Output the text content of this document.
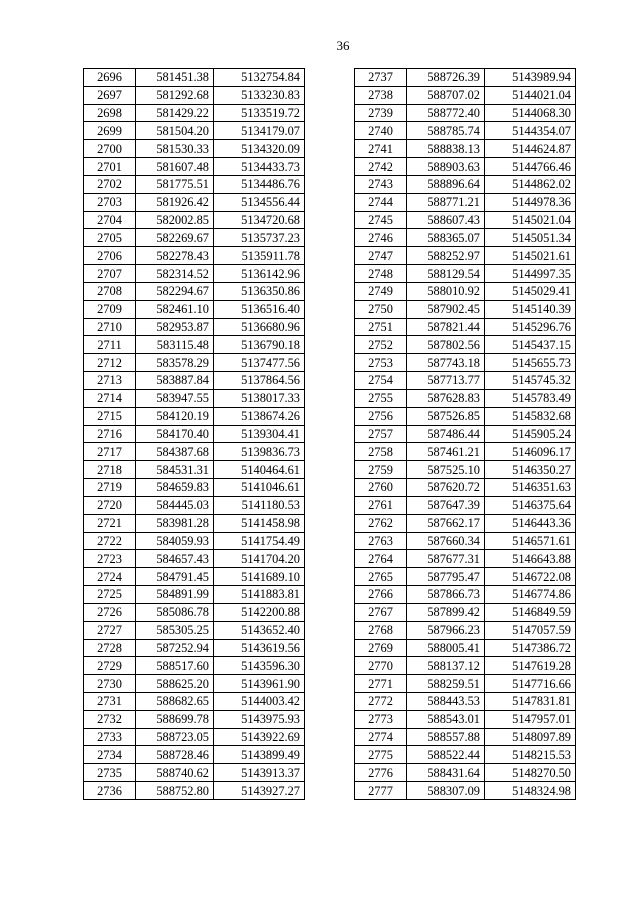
36
2696	581451.38	5132754.84
2697	581292.68	5133230.83
2698	581429.22	5133519.72
2699	581504.20	5134179.07
2700	581530.33	5134320.09
2701	581607.48	5134433.73
2702	581775.51	5134486.76
2703	581926.42	5134556.44
2704	582002.85	5134720.68
2705	582269.67	5135737.23
2706	582278.43	5135911.78
2707	582314.52	5136142.96
2708	582294.67	5136350.86
2709	582461.10	5136516.40
2710	582953.87	5136680.96
2711	583115.48	5136790.18
2712	583578.29	5137477.56
2713	583887.84	5137864.56
2714	583947.55	5138017.33
2715	584120.19	5138674.26
2716	584170.40	5139304.41
2717	584387.68	5139836.73
2718	584531.31	5140464.61
2719	584659.83	5141046.61
2720	584445.03	5141180.53
2721	583981.28	5141458.98
2722	584059.93	5141754.49
2723	584657.43	5141704.20
2724	584791.45	5141689.10
2725	584891.99	5141883.81
2726	585086.78	5142200.88
2727	585305.25	5143652.40
2728	587252.94	5143619.56
2729	588517.60	5143596.30
2730	588625.20	5143961.90
2731	588682.65	5144003.42
2732	588699.78	5143975.93
2733	588723.05	5143922.69
2734	588728.46	5143899.49
2735	588740.62	5143913.37
2736	588752.80	5143927.27
2737	588726.39	5143989.94
2738	588707.02	5144021.04
2739	588772.40	5144068.30
2740	588785.74	5144354.07
2741	588838.13	5144624.87
2742	588903.63	5144766.46
2743	588896.64	5144862.02
2744	588771.21	5144978.36
2745	588607.43	5145021.04
2746	588365.07	5145051.34
2747	588252.97	5145021.61
2748	588129.54	5144997.35
2749	588010.92	5145029.41
2750	587902.45	5145140.39
2751	587821.44	5145296.76
2752	587802.56	5145437.15
2753	587743.18	5145655.73
2754	587713.77	5145745.32
2755	587628.83	5145783.49
2756	587526.85	5145832.68
2757	587486.44	5145905.24
2758	587461.21	5146096.17
2759	587525.10	5146350.27
2760	587620.72	5146351.63
2761	587647.39	5146375.64
2762	587662.17	5146443.36
2763	587660.34	5146571.61
2764	587677.31	5146643.88
2765	587795.47	5146722.08
2766	587866.73	5146774.86
2767	587899.42	5146849.59
2768	587966.23	5147057.59
2769	588005.41	5147386.72
2770	588137.12	5147619.28
2771	588259.51	5147716.66
2772	588443.53	5147831.81
2773	588543.01	5147957.01
2774	588557.88	5148097.89
2775	588522.44	5148215.53
2776	588431.64	5148270.50
2777	588307.09	5148324.98
